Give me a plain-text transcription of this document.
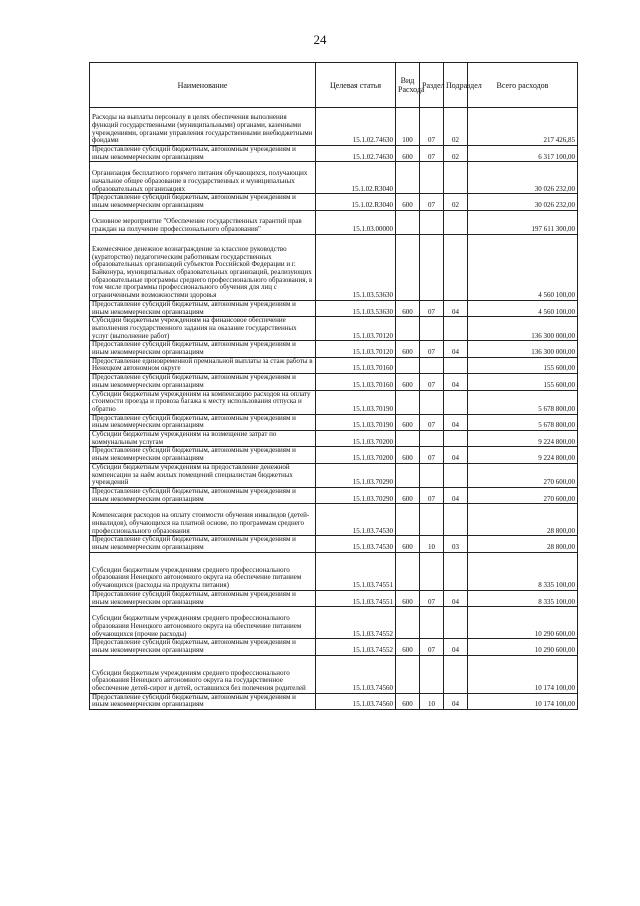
24
Наименование	Целевая статья	Вид Расхода	Раздел	Подраздел	Всего расходов
Расходы на выплаты персоналу в целях обеспечения выполнения функций государственными (муниципальными) органами, казенными учреждениями, органами управления государственными внебюджетными фондами	15.1.02.74630	100	07	02	217 426,85
Предоставление субсидий бюджетным, автономным учреждениям и иным некоммерческим организациям	15.1.02.74630	600	07	02	6 317 100,00
Организация бесплатного горячего питания обучающихся, получающих начальное общее образование в государственных и муниципальных образовательных организациях	15.1.02.R3040				30 026 232,00
Предоставление субсидий бюджетным, автономным учреждениям и иным некоммерческим организациям	15.1.02.R3040	600	07	02	30 026 232,00
Основное мероприятие "Обеспечение государственных гарантий прав граждан на получение профессионального образования"	15.1.03.00000				197 611 300,00
Ежемесячное денежное вознаграждение за классное руководство (кураторство) педагогическим работникам государственных образовательных организаций субъектов Российской Федерации и г. Байконура, муниципальных образовательных организаций, реализующих образовательные программы среднего профессионального образования, в том числе программы профессионального обучения для лиц с ограниченными возможностями здоровья	15.1.03.53630				4 560 100,00
Предоставление субсидий бюджетным, автономным учреждениям и иным некоммерческим организациям	15.1.03.53630	600	07	04	4 560 100,00
Субсидии бюджетным учреждениям на финансовое обеспечение выполнения государственного задания на оказание государственных услуг (выполнение работ)	15.1.03.70120				136 300 000,00
Предоставление субсидий бюджетным, автономным учреждениям и иным некоммерческим организациям	15.1.03.70120	600	07	04	136 300 000,00
Предоставление единовременной премиальной выплаты за стаж работы в Ненецком автономном округе	15.1.03.70160				155 600,00
Предоставление субсидий бюджетным, автономным учреждениям и иным некоммерческим организациям	15.1.03.70160	600	07	04	155 600,00
Субсидии бюджетным учреждениям на компенсацию расходов на оплату стоимости проезда и провоза багажа к месту использования отпуска и обратно	15.1.03.70190				5 678 800,00
Предоставление субсидий бюджетным, автономным учреждениям и иным некоммерческим организациям	15.1.03.70190	600	07	04	5 678 800,00
Субсидии бюджетным учреждениям на возмещение затрат по коммунальным услугам	15.1.03.70200				9 224 800,00
Предоставление субсидий бюджетным, автономным учреждениям и иным некоммерческим организациям	15.1.03.70200	600	07	04	9 224 800,00
Субсидии бюджетным учреждениям на предоставление денежной компенсации за наём жилых помещений специалистам бюджетных учреждений	15.1.03.70290				270 600,00
Предоставление субсидий бюджетным, автономным учреждениям и иным некоммерческим организациям	15.1.03.70290	600	07	04	270 600,00
Компенсация расходов на оплату стоимости обучения инвалидов (детей-инвалидов), обучающихся на платной основе, по программам среднего профессионального образования	15.1.03.74530				28 800,00
Предоставление субсидий бюджетным, автономным учреждениям и иным некоммерческим организациям	15.1.03.74530	600	10	03	28 800,00
Субсидии бюджетным учреждениям среднего профессионального образования Ненецкого автономного округа на обеспечение питанием обучающихся (расходы на продукты питания)	15.1.03.74551				8 335 100,00
Предоставление субсидий бюджетным, автономным учреждениям и иным некоммерческим организациям	15.1.03.74551	600	07	04	8 335 100,00
Субсидии бюджетным учреждениям среднего профессионального образования Ненецкого автономного округа на обеспечение питанием обучающихся (прочие расходы)	15.1.03.74552				10 290 600,00
Предоставление субсидий бюджетным, автономным учреждениям и иным некоммерческим организациям	15.1.03.74552	600	07	04	10 290 600,00
Субсидии бюджетным учреждениям среднего профессионального образования Ненецкого автономного округа на государственное обеспечение детей-сирот и детей, оставшихся без попечения родителей	15.1.03.74560				10 174 100,00
Предоставление субсидий бюджетным, автономным учреждениям и иным некоммерческим организациям	15.1.03.74560	600	10	04	10 174 100,00
